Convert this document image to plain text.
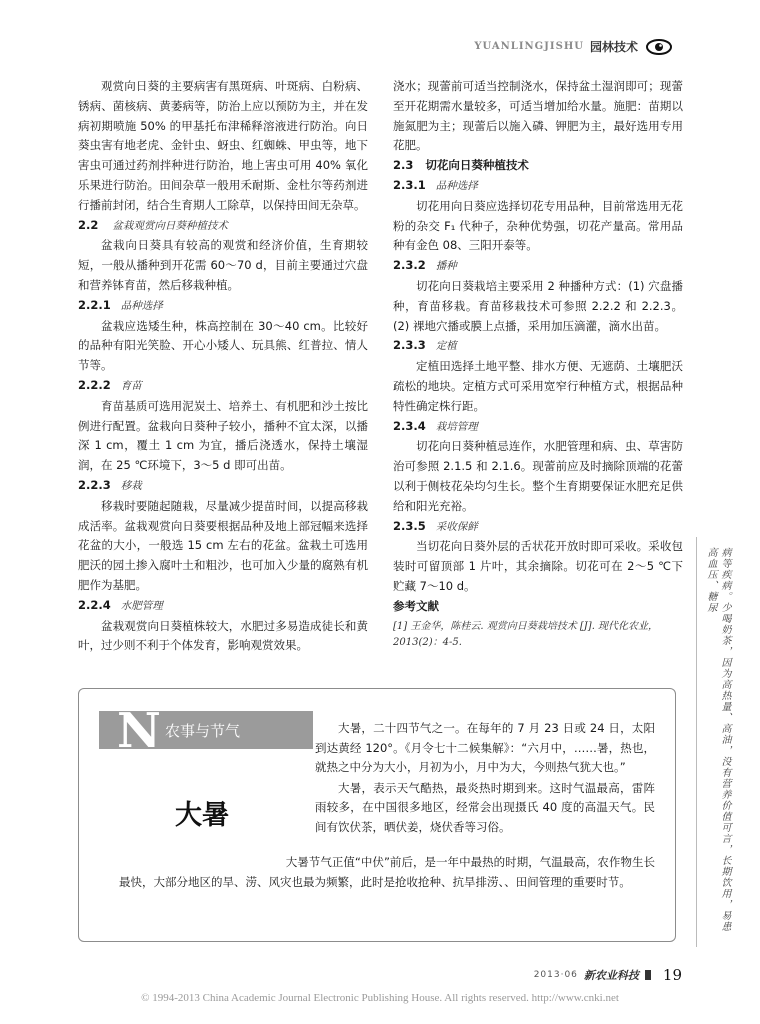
YUANLINGJISHU 园林技术

观赏向日葵的主要病害有黑斑病、叶斑病、白粉病、锈病、菌核病、黄萎病等，防治上应以预防为主，并在发病初期喷施 50% 的甲基托布津稀释溶液进行防治。向日葵虫害有地老虎、金针虫、蚜虫、红蜘蛛、甲虫等，地下害虫可通过药剂拌种进行防治，地上害虫可用 40% 氧化乐果进行防治。田间杂草一般用禾耐斯、金杜尔等药剂进行播前封闭，结合生育期人工除草，以保持田间无杂草。

2.2 盆栽观赏向日葵种植技术

盆栽向日葵具有较高的观赏和经济价值，生育期较短，一般从播种到开花需 60～70 d，目前主要通过穴盘和营养钵育苗，然后移栽种植。

2.2.1 品种选择

盆栽应选矮生种，株高控制在 30～40 cm。比较好的品种有阳光笑脸、开心小矮人、玩具熊、红普拉、情人节等。

2.2.2 育苗

育苗基质可选用泥炭土、培养土、有机肥和沙土按比例进行配置。盆栽向日葵种子较小，播种不宜太深，以播深 1 cm，覆土 1 cm 为宜，播后浇透水，保持土壤湿润，在 25 ℃环境下，3～5 d 即可出苗。

2.2.3 移栽

移栽时要随起随栽，尽量减少提苗时间，以提高移栽成活率。盆栽观赏向日葵要根据品种及地上部冠幅来选择花盆的大小，一般选 15 cm 左右的花盆。盆栽土可选用肥沃的园土掺入腐叶土和粗沙，也可加入少量的腐熟有机肥作为基肥。

2.2.4 水肥管理

盆栽观赏向日葵植株较大，水肥过多易造成徒长和黄叶，过少则不利于个体发育，影响观赏效果。

浇水；现蕾前可适当控制浇水，保持盆土湿润即可；现蕾至开花期需水量较多，可适当增加给水量。施肥：苗期以施氮肥为主；现蕾后以施入磷、钾肥为主，最好选用专用花肥。

2.3 切花向日葵种植技术
2.3.1 品种选择

切花用向日葵应选择切花专用品种，目前常选用无花粉的杂交 F₁ 代种子，杂种优势强，切花产量高。常用品种有金色 08、三阳开泰等。

2.3.2 播种

切花向日葵栽培主要采用 2 种播种方式：(1) 穴盘播种，育苗移栽。育苗移栽技术可参照 2.2.2 和 2.2.3。(2) 裸地穴播或膜上点播，采用加压滴灌，滴水出苗。

2.3.3 定植

定植田选择土地平整、排水方便、无遮荫、土壤肥沃疏松的地块。定植方式可采用宽窄行种植方式，根据品种特性确定株行距。

2.3.4 栽培管理

切花向日葵种植忌连作，水肥管理和病、虫、草害防治可参照 2.1.5 和 2.1.6。现蕾前应及时摘除顶端的花蕾以利于侧枝花朵均匀生长。整个生育期要保证水肥充足供给和阳光充裕。

2.3.5 采收保鲜

当切花向日葵外层的舌状花开放时即可采收。采收包装时可留顶部 1 片叶，其余摘除。切花可在 2～5 ℃下贮藏 7～10 d。

参考文献
[1] 王金华，陈桂云. 观赏向日葵栽培技术 [J]. 现代化农业，2013(2)：4-5.	病等疾病。少喝奶茶，因为高热量、高油，没有营养价值可言，长期饮用，易患高血压、糖尿
N 农事与节气
大暑

大暑，二十四节气之一。在每年的 7 月 23 日或 24 日，太阳到达黄经 120°。《月令七十二候集解》：“六月中，……暑，热也，就热之中分为大小，月初为小，月中为大，今则热气犹大也。”

大暑，表示天气酷热，最炎热时期到来。这时气温最高，雷阵雨较多，在中国很多地区，经常会出现摄氏 40 度的高温天气。民间有饮伏茶，晒伏姜，烧伏香等习俗。

大暑节气正值“中伏”前后，是一年中最热的时期，气温最高，农作物生长最快，大部分地区的旱、涝、风灾也最为频繁，此时是抢收抢种、抗旱排涝、、田间管理的重要时节。

2013·06 新农业科技 19
© 1994-2013 China Academic Journal Electronic Publishing House. All rights reserved. http://www.cnki.net
